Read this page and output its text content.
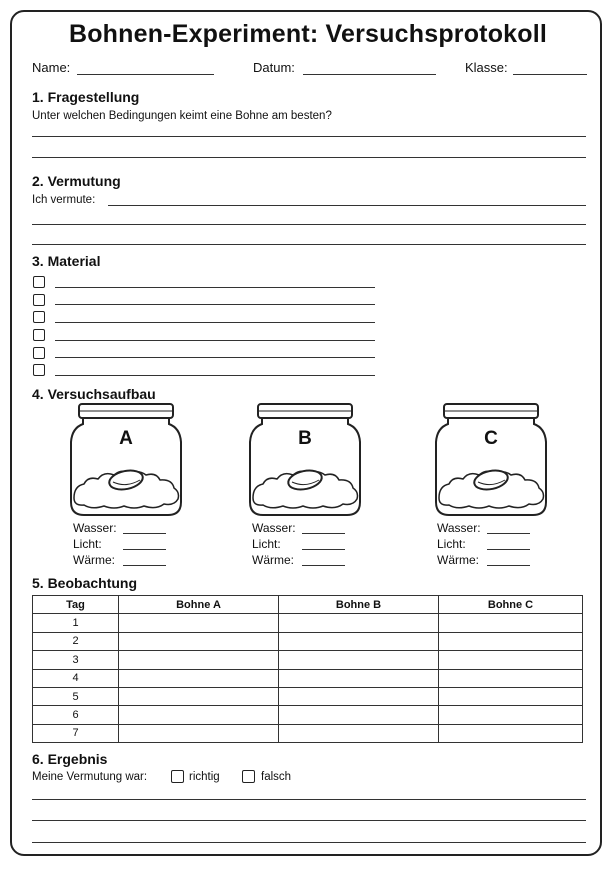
Bohnen-Experiment: Versuchsprotokoll
Name:	Datum:	Klasse:
1. Fragestellung
Unter welchen Bedingungen keimt eine Bohne am besten?
2. Vermutung
Ich vermute:
3. Material
4. Versuchsaufbau
A
Wasser:
Licht:
Wärme:
B
Wasser:
Licht:
Wärme:
C
Wasser:
Licht:
Wärme:
5. Beobachtung
Tag	Bohne A	Bohne B	Bohne C
1			
2			
3			
4			
5			
6			
7			
6. Ergebnis
Meine Vermutung war:	richtig	falsch
